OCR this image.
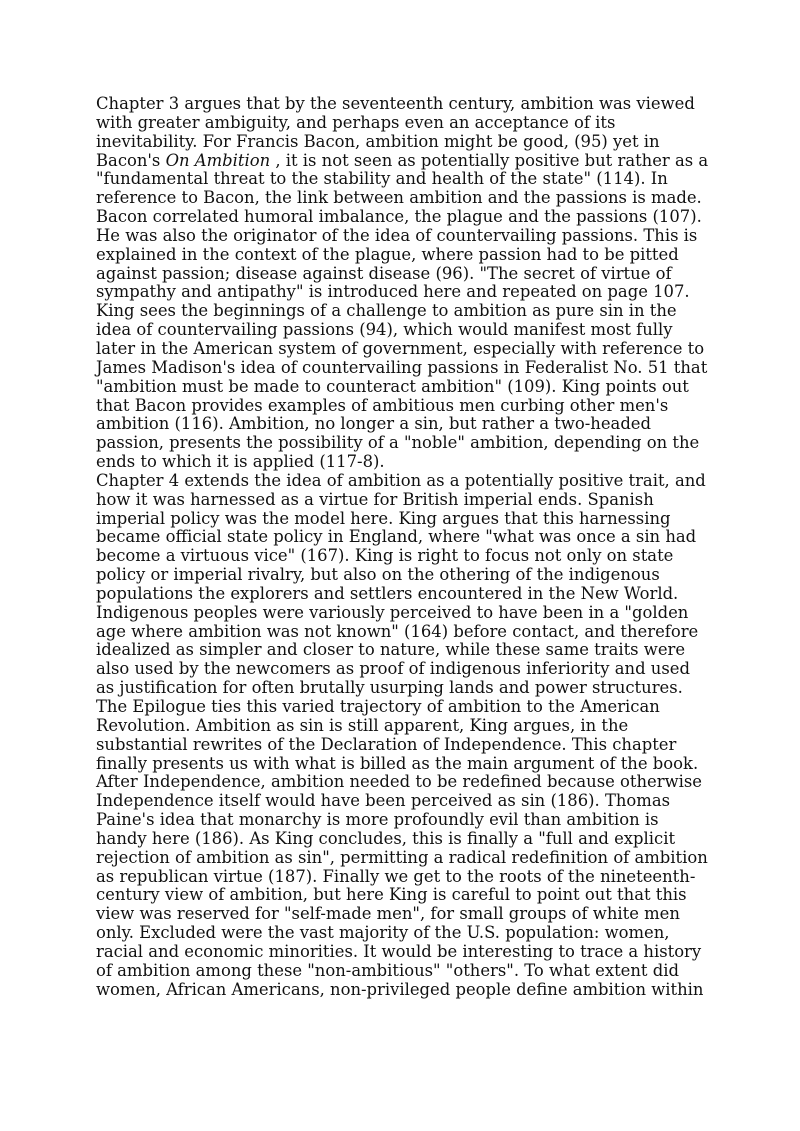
Chapter 3 argues that by the seventeenth century, ambition was viewed with greater ambiguity, and perhaps even an acceptance of its inevitability. For Francis Bacon, ambition might be good, (95) yet in Bacon's On Ambition , it is not seen as potentially positive but rather as a "fundamental threat to the stability and health of the state" (114). In reference to Bacon, the link between ambition and the passions is made. Bacon correlated humoral imbalance, the plague and the passions (107). He was also the originator of the idea of countervailing passions. This is explained in the context of the plague, where passion had to be pitted against passion; disease against disease (96). "The secret of virtue of sympathy and antipathy" is introduced here and repeated on page 107. King sees the beginnings of a challenge to ambition as pure sin in the idea of countervailing passions (94), which would manifest most fully later in the American system of government, especially with reference to James Madison's idea of countervailing passions in Federalist No. 51 that "ambition must be made to counteract ambition" (109). King points out that Bacon provides examples of ambitious men curbing other men's ambition (116). Ambition, no longer a sin, but rather a two-headed passion, presents the possibility of a "noble" ambition, depending on the ends to which it is applied (117-8).

Chapter 4 extends the idea of ambition as a potentially positive trait, and how it was harnessed as a virtue for British imperial ends. Spanish imperial policy was the model here. King argues that this harnessing became official state policy in England, where "what was once a sin had become a virtuous vice" (167). King is right to focus not only on state policy or imperial rivalry, but also on the othering of the indigenous populations the explorers and settlers encountered in the New World. Indigenous peoples were variously perceived to have been in a "golden age where ambition was not known" (164) before contact, and therefore idealized as simpler and closer to nature, while these same traits were also used by the newcomers as proof of indigenous inferiority and used as justification for often brutally usurping lands and power structures.

The Epilogue ties this varied trajectory of ambition to the American Revolution. Ambition as sin is still apparent, King argues, in the substantial rewrites of the Declaration of Independence. This chapter finally presents us with what is billed as the main argument of the book. After Independence, ambition needed to be redefined because otherwise Independence itself would have been perceived as sin (186). Thomas Paine's idea that monarchy is more profoundly evil than ambition is handy here (186). As King concludes, this is finally a "full and explicit rejection of ambition as sin", permitting a radical redefinition of ambition as republican virtue (187). Finally we get to the roots of the nineteenth-century view of ambition, but here King is careful to point out that this view was reserved for "self-made men", for small groups of white men only. Excluded were the vast majority of the U.S. population: women, racial and economic minorities. It would be interesting to trace a history of ambition among these "non-ambitious" "others". To what extent did women, African Americans, non-privileged people define ambition within
